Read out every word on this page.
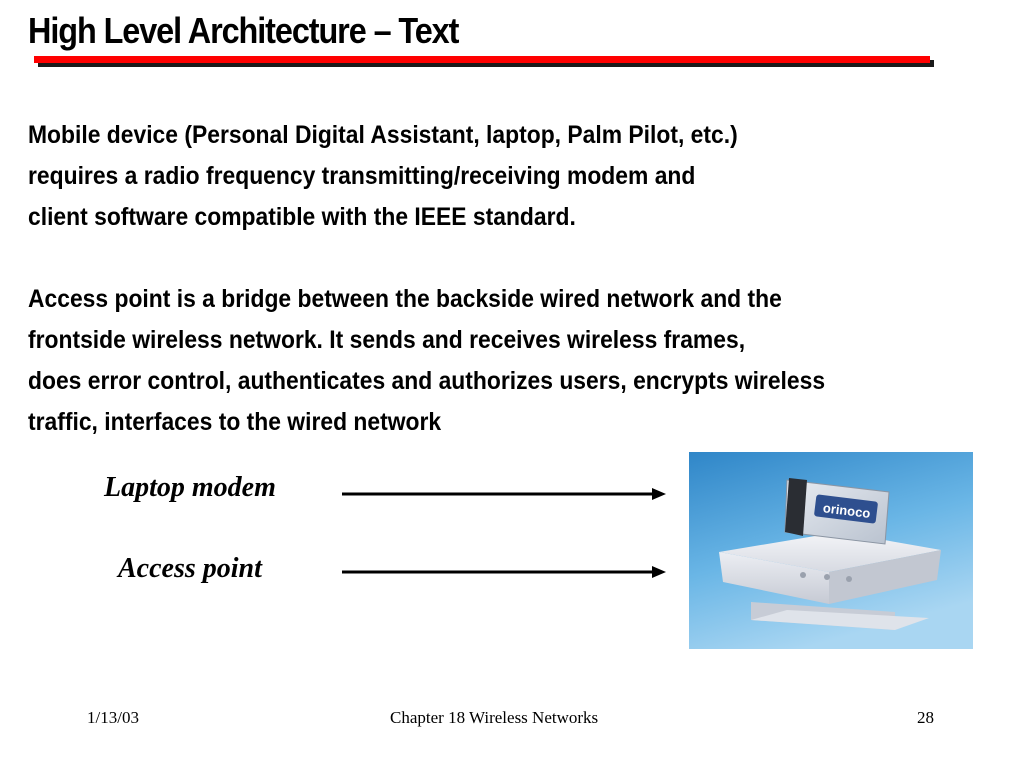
High Level Architecture – Text
Mobile device (Personal Digital Assistant, laptop, Palm Pilot, etc.)
requires a radio frequency transmitting/receiving modem and
client software compatible with the IEEE standard.
Access point is a bridge between the backside wired network and the
frontside wireless network. It sends and receives wireless frames,
does error control, authenticates and authorizes users, encrypts wireless
traffic, interfaces to the wired network
Laptop modem
Access point
orinoco
1/13/03	Chapter 18 Wireless Networks	28
